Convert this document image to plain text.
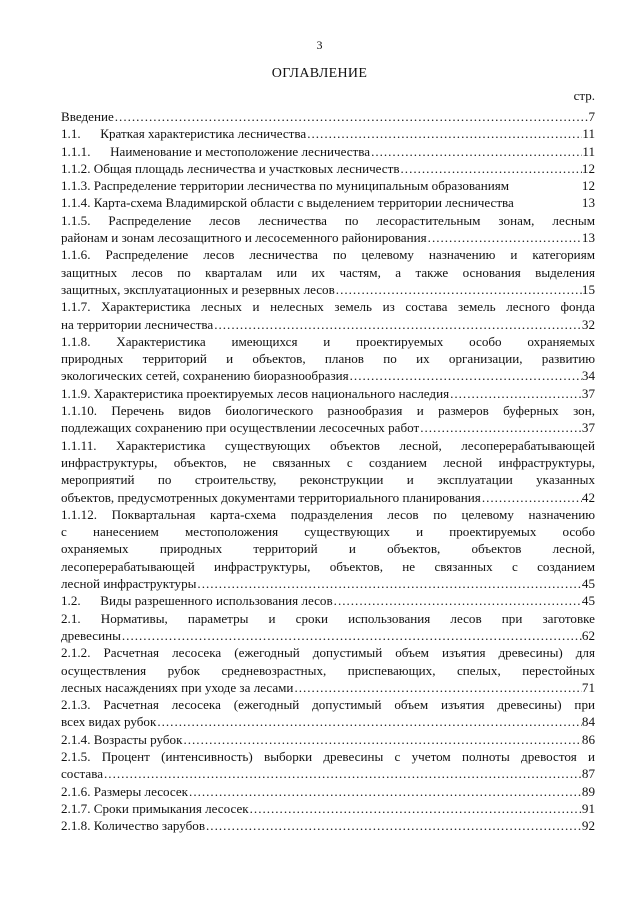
3
ОГЛАВЛЕНИЕ
стр.
Введение .....	7
1.1.      Краткая характеристика лесничества .....	11
1.1.1.      Наименование и местоположение лесничества .....	11
1.1.2. Общая площадь лесничества и участковых лесничеств .....	12
1.1.3. Распределение территории лесничества по муниципальным образованиям	12
1.1.4. Карта-схема Владимирской области с выделением территории лесничества	13
1.1.5. Распределение лесов лесничества по лесорастительным зонам, лесным
районам и зонам лесозащитного и лесосеменного районирования .....	13
1.1.6. Распределение лесов лесничества по целевому назначению и категориям
защитных лесов по кварталам или их частям, а также основания выделения
защитных, эксплуатационных и резервных лесов .....	15
1.1.7. Характеристика лесных и нелесных земель из состава земель лесного фонда
на территории лесничества .....	32
1.1.8. Характеристика имеющихся и проектируемых особо охраняемых
природных территорий и объектов, планов по их организации, развитию
экологических сетей, сохранению биоразнообразия .....	34
1.1.9. Характеристика проектируемых лесов национального наследия .....	37
1.1.10. Перечень видов биологического разнообразия и размеров буферных зон,
подлежащих сохранению при осуществлении лесосечных работ .....	37
1.1.11. Характеристика существующих объектов лесной, лесоперерабатывающей
инфраструктуры, объектов, не связанных с созданием лесной инфраструктуры,
мероприятий по строительству, реконструкции и эксплуатации указанных
объектов, предусмотренных документами территориального планирования .....	42
1.1.12. Поквартальная карта-схема подразделения лесов по целевому назначению
с нанесением местоположения существующих и проектируемых особо
охраняемых природных территорий и объектов, объектов лесной,
лесоперерабатывающей инфраструктуры, объектов, не связанных с созданием
лесной инфраструктуры .....	45
1.2.      Виды разрешенного использования лесов .....	45
2.1. Нормативы, параметры и сроки использования лесов при заготовке
древесины .....	62
2.1.2. Расчетная лесосека (ежегодный допустимый объем изъятия древесины) для
осуществления рубок средневозрастных, приспевающих, спелых, перестойных
лесных насаждениях при уходе за лесами .....	71
2.1.3. Расчетная лесосека (ежегодный допустимый объем изъятия древесины) при
всех видах рубок .....	84
2.1.4. Возрасты рубок .....	86
2.1.5. Процент (интенсивность) выборки древесины с учетом полноты древостоя и
состава .....	87
2.1.6. Размеры лесосек .....	89
2.1.7. Сроки примыкания лесосек .....	91
2.1.8. Количество зарубов .....	92
